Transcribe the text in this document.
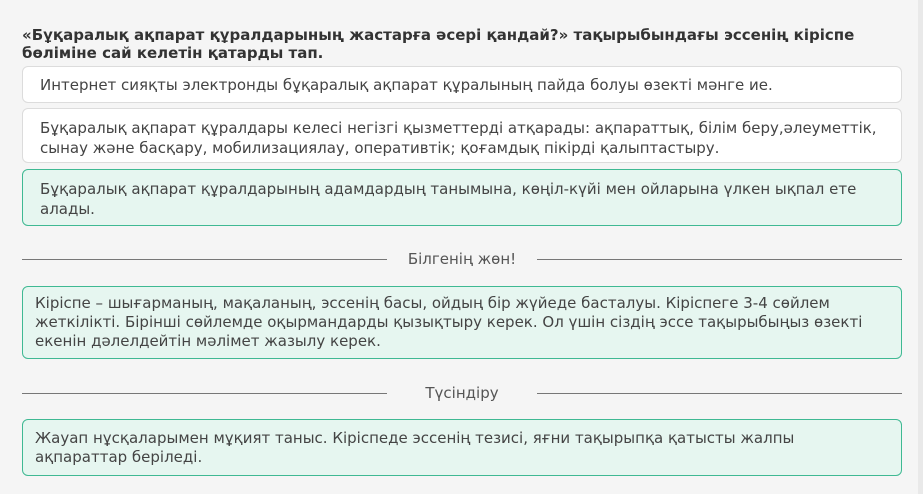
«Бұқаралық ақпарат құралдарының жастарға әсері қандай?» тақырыбындағы эссенің кіріспе бөліміне сай келетін қатарды тап.
Интернет сияқты электронды бұқаралық ақпарат құралының пайда болуы өзекті мәнге ие.
Бұқаралық ақпарат құралдары келесі негізгі қызметтерді атқарады: ақпараттық, білім беру,әлеуметтік, сынау және басқару, мобилизациялау, оперативтік; қоғамдық пікірді қалыптастыру.
Бұқаралық ақпарат құралдарының адамдардың танымына, көңіл-күйі мен ойларына үлкен ықпал ете алады.
Білгенің жөн!
Кіріспе – шығарманың, мақаланың, эссенің басы, ойдың бір жүйеде басталуы. Кіріспеге 3-4 сөйлем жеткілікті. Бірінші сөйлемде оқырмандарды қызықтыру керек. Ол үшін сіздің эссе тақырыбыңыз өзекті екенін дәлелдейтін мәлімет жазылу керек.
Түсіндіру
Жауап нұсқаларымен мұқият таныс. Кіріспеде эссенің тезисі, яғни тақырыпқа қатысты жалпы ақпараттар беріледі.
